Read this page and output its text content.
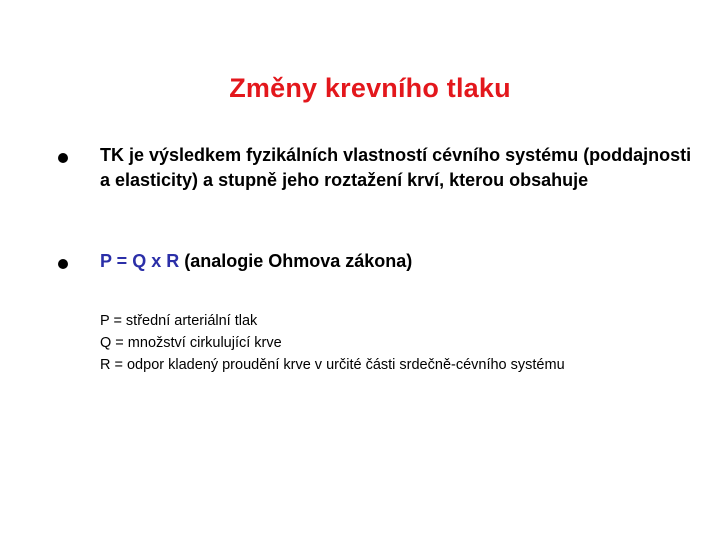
Změny krevního tlaku
TK je výsledkem fyzikálních vlastností cévního systému (poddajnosti a elasticity) a stupně jeho roztažení krví, kterou obsahuje
P = Q x R (analogie Ohmova zákona)
P = střední arteriální tlak
Q = množství cirkulující krve
R = odpor kladený proudění krve v určité části srdečně-cévního systému
